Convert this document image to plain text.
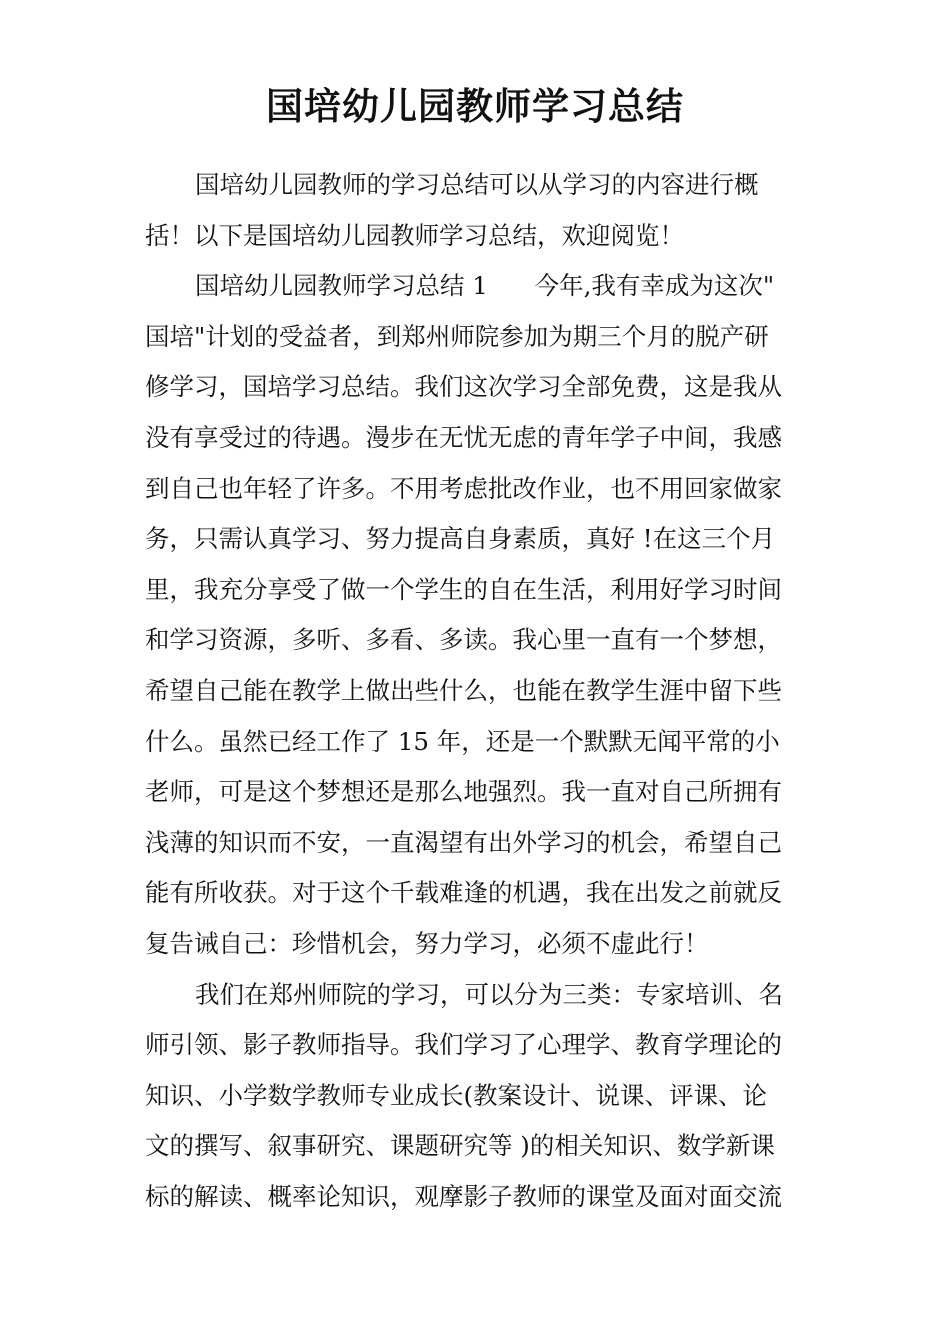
国培幼儿园教师学习总结
国培幼儿园教师的学习总结可以从学习的内容进行概
括！以下是国培幼儿园教师学习总结，欢迎阅览！
国培幼儿园教师学习总结 1      今年,我有幸成为这次"
国培"计划的受益者，到郑州师院参加为期三个月的脱产研
修学习，国培学习总结。我们这次学习全部免费，这是我从
没有享受过的待遇。漫步在无忧无虑的青年学子中间，我感
到自己也年轻了许多。不用考虑批改作业，也不用回家做家
务，只需认真学习、努力提高自身素质，真好 !在这三个月
里，我充分享受了做一个学生的自在生活，利用好学习时间
和学习资源，多听、多看、多读。我心里一直有一个梦想，
希望自己能在教学上做出些什么，也能在教学生涯中留下些
什么。虽然已经工作了 15 年，还是一个默默无闻平常的小
老师，可是这个梦想还是那么地强烈。我一直对自己所拥有
浅薄的知识而不安，一直渴望有出外学习的机会，希望自己
能有所收获。对于这个千载难逢的机遇，我在出发之前就反
复告诫自己：珍惜机会，努力学习，必须不虚此行！
我们在郑州师院的学习，可以分为三类：专家培训、名
师引领、影子教师指导。我们学习了心理学、教育学理论的
知识、小学数学教师专业成长(教案设计、说课、评课、论
文的撰写、叙事研究、课题研究等 )的相关知识、数学新课
标的解读、概率论知识，观摩影子教师的课堂及面对面交流
